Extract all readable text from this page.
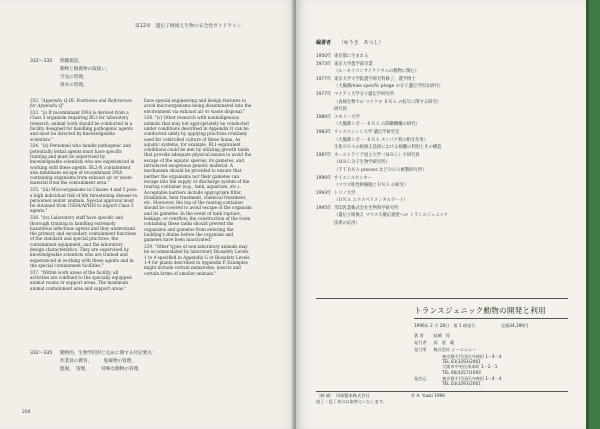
第12章　遺伝子組換え生物の安全性ガイドライン
332～335	閉鎖施設，
動物と飼養物の取扱い，
空気の管理，
排水の管理。

332. "Appendix Q-III. Footnotes and References for Appendix Q"

333. "(i) If recombinant DNA is derived from a Class 3 organism requiring BL3 for laboratory research, animal work should be conducted in a facility designed for handling pathogenic agents and must be directed by knowledgeable scientists."

334. "(ii) Personnel who handle pathogenic and potentially lethal agents must have specific training and must be supervised by knowledgeable scientists who are experienced in working with these agents. BL2-N containment also minimizes escape of recombinant DNA containing organisms from exhaust air or waste material from the containment area."

335. "(iii) Microorganisms in Classes 4 and 5 pose a high individual risk of life threatening disease to personnel and/or animals. Special approval must be obtained from USDA/APHIS to import Class 5 agents."

336. "(iv) Laboratory staff have specific and thorough training in handling extremely hazardous infectious agents and they understand the primary and secondary containment functions of the standard and special practices, the containment equipment, and the laboratory design characteristics. They are supervised by knowledgeable scientists who are trained and experienced in working with these agents and in the special containment facilities."

337. "Within work areas of the facility, all activities are confined to the specially equipped animal rooms or support areas. The maximum animal containment area and support areas."

have special engineering and design features to avoid microorganisms being disseminated into the environment via exhaust air or waste disposal."

338. "(v) Other research with nonindigenous animals that may not appropriately be conducted under conditions described in Appendix Q can be conducted safely by applying practices routinely used for controlled culture of these fauna. As aquatic systems, for example, BL1-equivalent conditions could be met by utilizing growth tanks that provide adequate physical means to avoid the escape of the aquatic species, its gametes, and introduced exogenous genetic material. A mechanism should be provided to ensure that neither the organisms nor their gametes can escape into the supply or discharge system of the rearing container (e.g., tank, aquarium, etc.). Acceptable barriers include appropriate filter, irradiation, heat treatment, chemical treatment, etc. Moreover, the top of the rearing container should be covered to avoid escape of the organism and its gametes. In the event of tank rupture, leakage, or overflow, the construction of the room containing these tanks should prevent the organisms and gametes from entering the building's drains before the organism and gametes have been inactivated."

339. "Other types of non-laboratory animals may be accommodated by laboratory Biosafety Levels 1 to 4 specified in Appendix G or Biosafety Levels 1-4 for plants described in Appendix P. Examples might include certain nematodes, insects and certain forms of smaller animals."

332～335	動物的，生物学的封じ込めに関する付記要点：
作業員の教育，　　　廃棄物の管理，
監視，　管理，　　　特殊な動物の管理，
204
編著者 （ゆうき　あつし）
1950年 東京都に生まれる
1973年 東京大学農学部卒業
（ルーネイコンサイクトウエの動物に関心）
1977年 東京大学大学院農学研究科修了，農学博士
（大腸菌male specific phage の分子遺伝学的な研究）
1977年 マイアミ大学分子遺伝学研究所
（真核生物での マイクロ ＲＮＡ の転写に関する研究）
研究員
1980年 エモリー大学
（大腸菌トポ ー ＲＮＡ の制御機構の研究）
1983年 ウィスコンシン大学 遺伝学研究室
（大腸菌トポ ー ＲＮＡ タンパク質の相互作用）
生体ＤＮＡの組換え技術における核酸の利用とその構造
1987年 オーストラリア国立大学（ＭＲＣ）で研究員
（ＭＲＣ分子生物学研究所）
（ＴＴＤＮＡ process などＤＮＡ複製研究所）
1990年 サイエンスセンター
（マウス胚性幹細胞とＤＮＡ の研究）
1993年 トリノ大学
（ＤＮＡ エクスペリメンタルアート）
1995年 雪印乳業株式会社生物科学研究所
（遺伝子組換え マウスで慶応義塾への トランスジェニック
技術の応用）
トランスジェニック動物の開発と利用
1996年 2 月 28日　第 1 刷発行	定価34,390円
著 者 結城　惇
発行者 鳥　嘉　範
発行所 株式会社 シーエムシー
東京都千代田区内神田 1－4－4
TEL 03(3293)2061
大阪市中央区南本町 1－2－1
TEL 06(4257)1093
発売元	東京都千代田区内神田 1－4－4
TEL 03(3293)2061
〔刷 補〕　印刷製本株式会社	© A. Yuuki 1996
落丁・乱丁本はお取替えいたします。
